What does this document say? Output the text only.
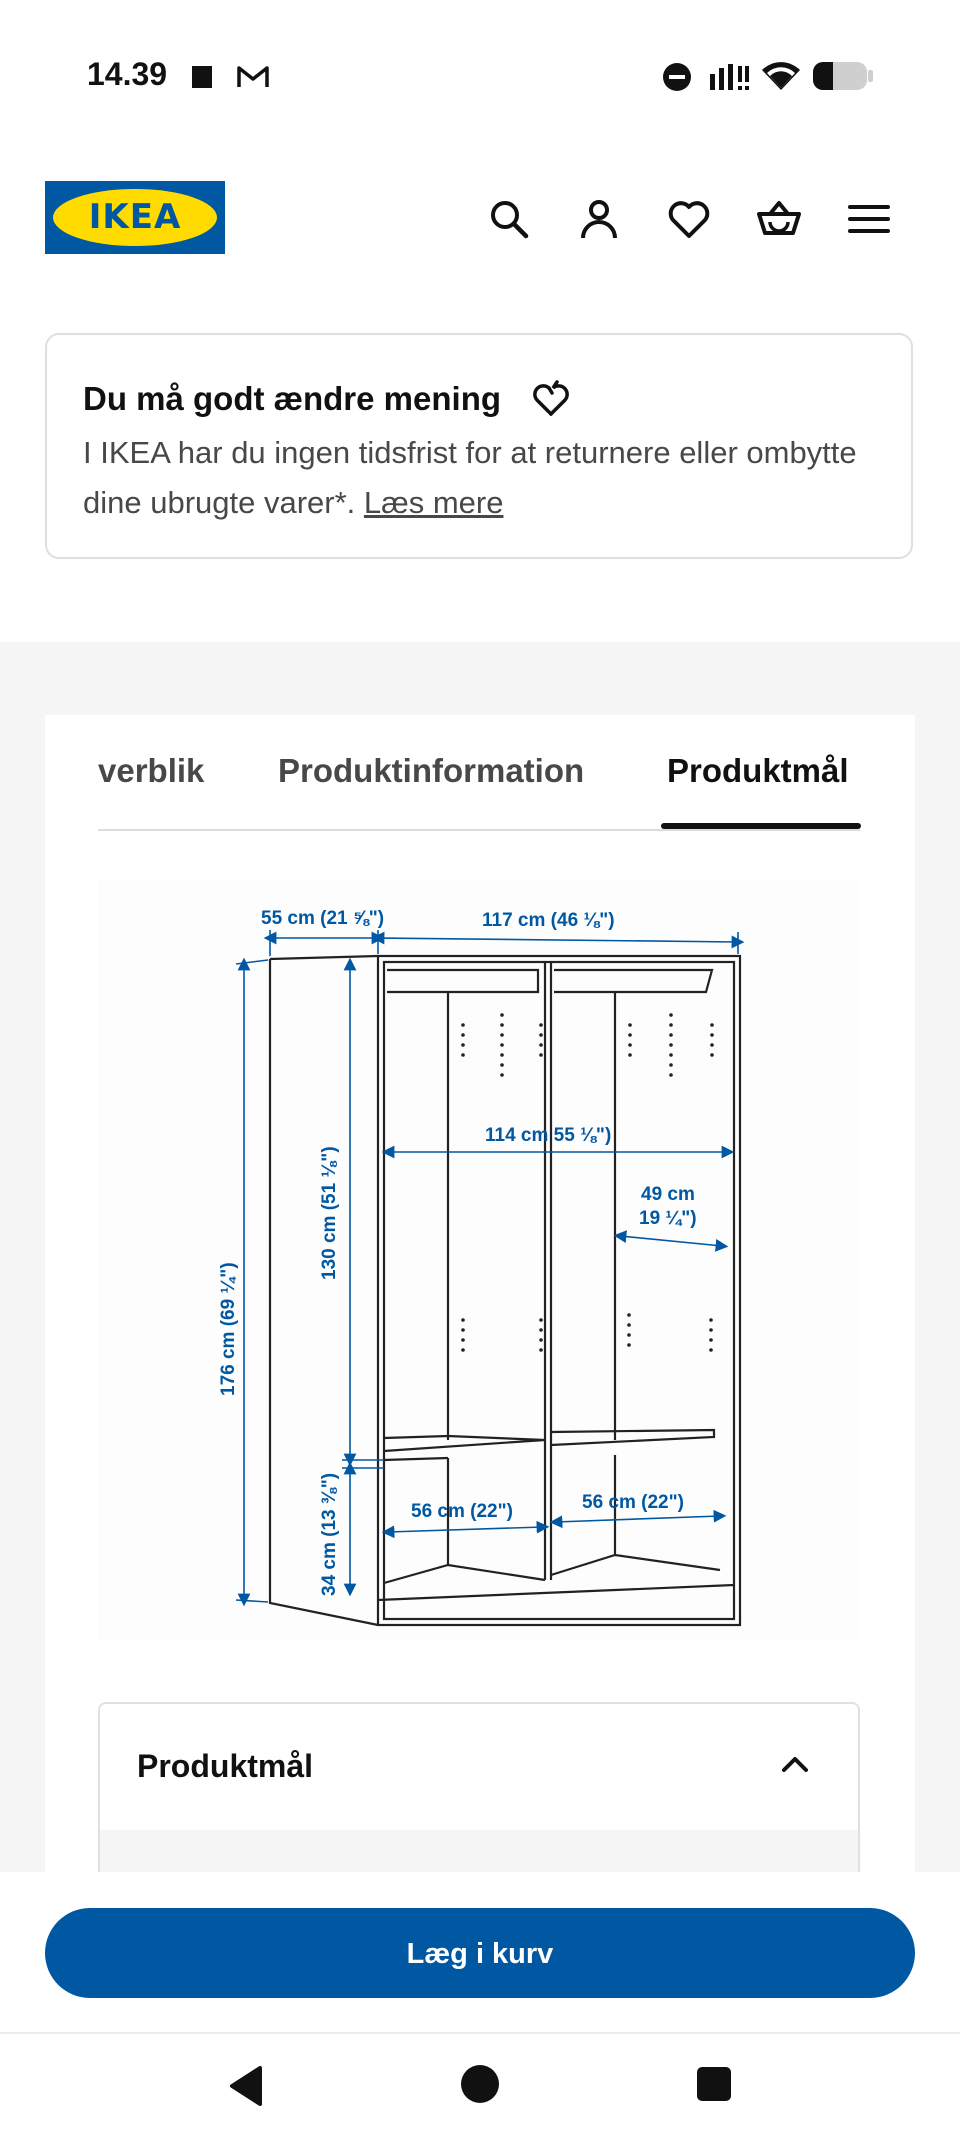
14.39
IKEA
Du må godt ændre mening
I IKEA har du ingen tidsfrist for at returnere eller ombytte dine ubrugte varer*. Læs mere
verblik Produktinformation	Produktmål
55 cm (21 ⅝")	117 cm (46 ⅛")
114 cm 55 ⅛")
49 cm
19 ¼")
56 cm (22")	56 cm (22")
176 cm (69 ¼")
130 cm (51 ⅛")
34 cm (13 ⅜")
Produktmål
Læg i kurv
